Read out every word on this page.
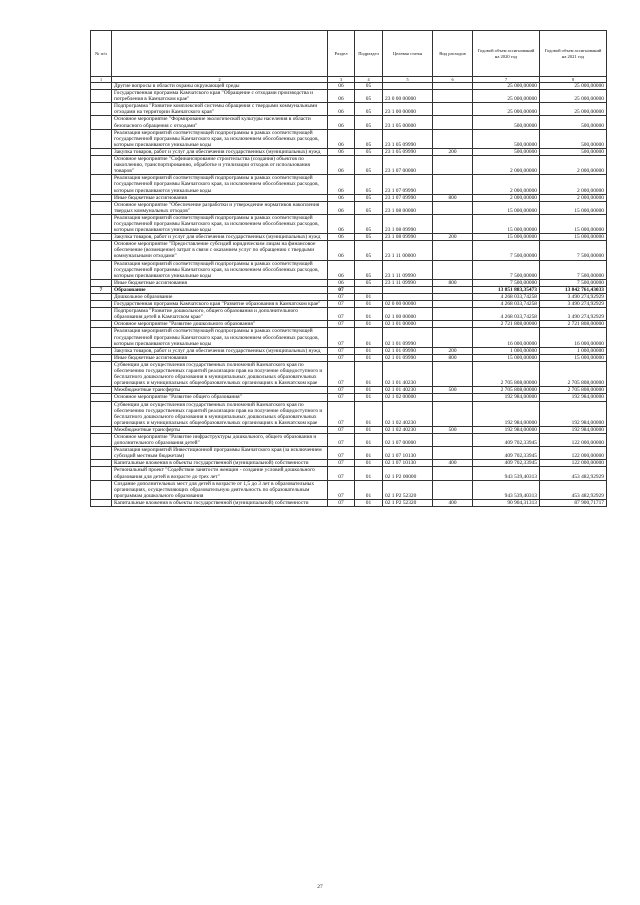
№ п/п		Раздел	Подраздел	Целевая статья	Вид расходов	Годовой объем ассигнований на 2020 год	Годовой объем ассигнований на 2021 год
1	2	3	4	5	6	7	8
	Другие вопросы в области охраны окружающей среды	06	05			25 000,00000	25 000,00000
	Государственная программа Камчатского края "Обращение с отходами производства и потребления в Камчатском крае"	06	05	23 0 00 00000		25 000,00000	25 000,00000
	Подпрограмма "Развитие комплексной системы обращения с твердыми коммунальными отходами на территории Камчатского края"	06	05	23 1 00 00000		25 000,00000	25 000,00000
	Основное мероприятие "Формирование экологической культуры населения в области безопасного обращения с отходами"	06	05	23 1 05 00000		500,00000	500,00000
	Реализация мероприятий соответствующей подпрограммы в рамках соответствующей государственной программы Камчатского края, за исключением обособленных расходов, которым присваиваются уникальные коды	06	05	23 1 05 09990		500,00000	500,00000
	Закупка товаров, работ и услуг для обеспечения государственных (муниципальных) нужд	06	05	23 1 05 09990	200	500,00000	500,00000
	Основное мероприятие "Софинансирование строительства (создания) объектов по накоплению, транспортированию, обработке и утилизации отходов от использования товаров"	06	05	23 1 07 00000		2 000,00000	2 000,00000
	Реализация мероприятий соответствующей подпрограммы в рамках соответствующей государственной программы Камчатского края, за исключением обособленных расходов, которым присваиваются уникальные коды	06	05	23 1 07 09990		2 000,00000	2 000,00000
	Иные бюджетные ассигнования	06	05	23 1 07 09990	800	2 000,00000	2 000,00000
	Основное мероприятие "Обеспечение разработки и утверждение нормативов накопления твердых коммунальных отходов"	06	05	23 1 08 00000		15 000,00000	15 000,00000
	Реализация мероприятий соответствующей подпрограммы в рамках соответствующей государственной программы Камчатского края, за исключением обособленных расходов, которым присваиваются уникальные коды	06	05	23 1 08 09990		15 000,00000	15 000,00000
	Закупка товаров, работ и услуг для обеспечения государственных (муниципальных) нужд	06	05	23 1 08 09990	200	15 000,00000	15 000,00000
	Основное мероприятие "Предоставление субсидий юридическим лицам на финансовое обеспечение (возмещение) затрат в связи с оказанием услуг по обращению с твердыми коммунальными отходами"	06	05	23 1 11 00000		7 500,00000	7 500,00000
	Реализация мероприятий соответствующей подпрограммы в рамках соответствующей государственной программы Камчатского края, за исключением обособленных расходов, которым присваиваются уникальные коды	06	05	23 1 11 09990		7 500,00000	7 500,00000
	Иные бюджетные ассигнования	06	05	23 1 11 09990	800	7 500,00000	7 500,00000
7	Образование	07				13 851 883,35473	13 842 761,43033
	Дошкольное образование	07	01			4 268 033,74258	3 490 274,92929
	Государственная программа Камчатского края "Развитие образования в Камчатском крае"	07	01	02 0 00 00000		4 268 033,74258	3 490 274,92929
	Подпрограмма "Развитие дошкольного, общего образования и дополнительного образования детей в Камчатском крае"	07	01	02 1 00 00000		4 268 033,74258	3 490 274,92929
	Основное мероприятие "Развитие дошкольного образования"	07	01	02 1 01 00000		2 721 808,00000	2 721 808,00000
	Реализация мероприятий соответствующей подпрограммы в рамках соответствующей государственной программы Камчатского края, за исключением обособленных расходов, которым присваиваются уникальные коды	07	01	02 1 01 09990		16 000,00000	16 000,00000
	Закупка товаров, работ и услуг для обеспечения государственных (муниципальных) нужд	07	01	02 1 01 09990	200	1 000,00000	1 000,00000
	Иные бюджетные ассигнования	07	01	02 1 01 09990	800	15 000,00000	15 000,00000
	Субвенции для осуществления государственных полномочий Камчатского края по обеспечению государственных гарантий реализации прав на получение общедоступного и бесплатного дошкольного образования в муниципальных дошкольных образовательных организациях и муниципальных общеобразовательных организациях в Камчатском крае	07	01	02 1 01 40230		2 705 808,00000	2 705 808,00000
	Межбюджетные трансферты	07	01	02 1 01 40230	500	2 705 808,00000	2 705 808,00000
	Основное мероприятие "Развитие общего образования"	07	01	02 1 02 00000		192 984,00000	192 984,00000
	Субвенции для осуществления государственных полномочий Камчатского края по обеспечению государственных гарантий реализации прав на получение общедоступного и бесплатного дошкольного образования в муниципальных дошкольных образовательных организациях и муниципальных общеобразовательных организациях в Камчатском крае	07	01	02 1 02 40230		192 984,00000	192 984,00000
	Межбюджетные трансферты	07	01	02 1 02 40230	500	192 984,00000	192 984,00000
	Основное мероприятие "Развитие инфраструктуры дошкольного, общего образования и дополнительного образования детей"	07	01	02 1 07 00000		409 702,33945	122 000,00000
	Реализация мероприятий Инвестиционной программы Камчатского края (за исключением субсидий местным бюджетам)	07	01	02 1 07 10130		409 702,33945	122 000,00000
	Капитальные вложения в объекты государственной (муниципальной) собственности	07	01	02 1 07 10130	400	409 702,33945	122 000,00000
	Региональный проект "Содействие занятости женщин - создание условий дошкольного образования для детей в возрасте до трех лет"	07	01	02 1 P2 00000		943 539,40313	453 482,92929
	Создание дополнительных мест для детей в возрасте от 1,5 до 3 лет в образовательных организациях, осуществляющих образовательную деятельность по образовательным программам дошкольного образования	07	01	02 1 P2 52320		943 539,40313	453 482,92929
	Капитальные вложения в объекты государственной (муниципальной) собственности	07	01	02 1 P2 52320	400	90 904,31313	87 900,71717
27
